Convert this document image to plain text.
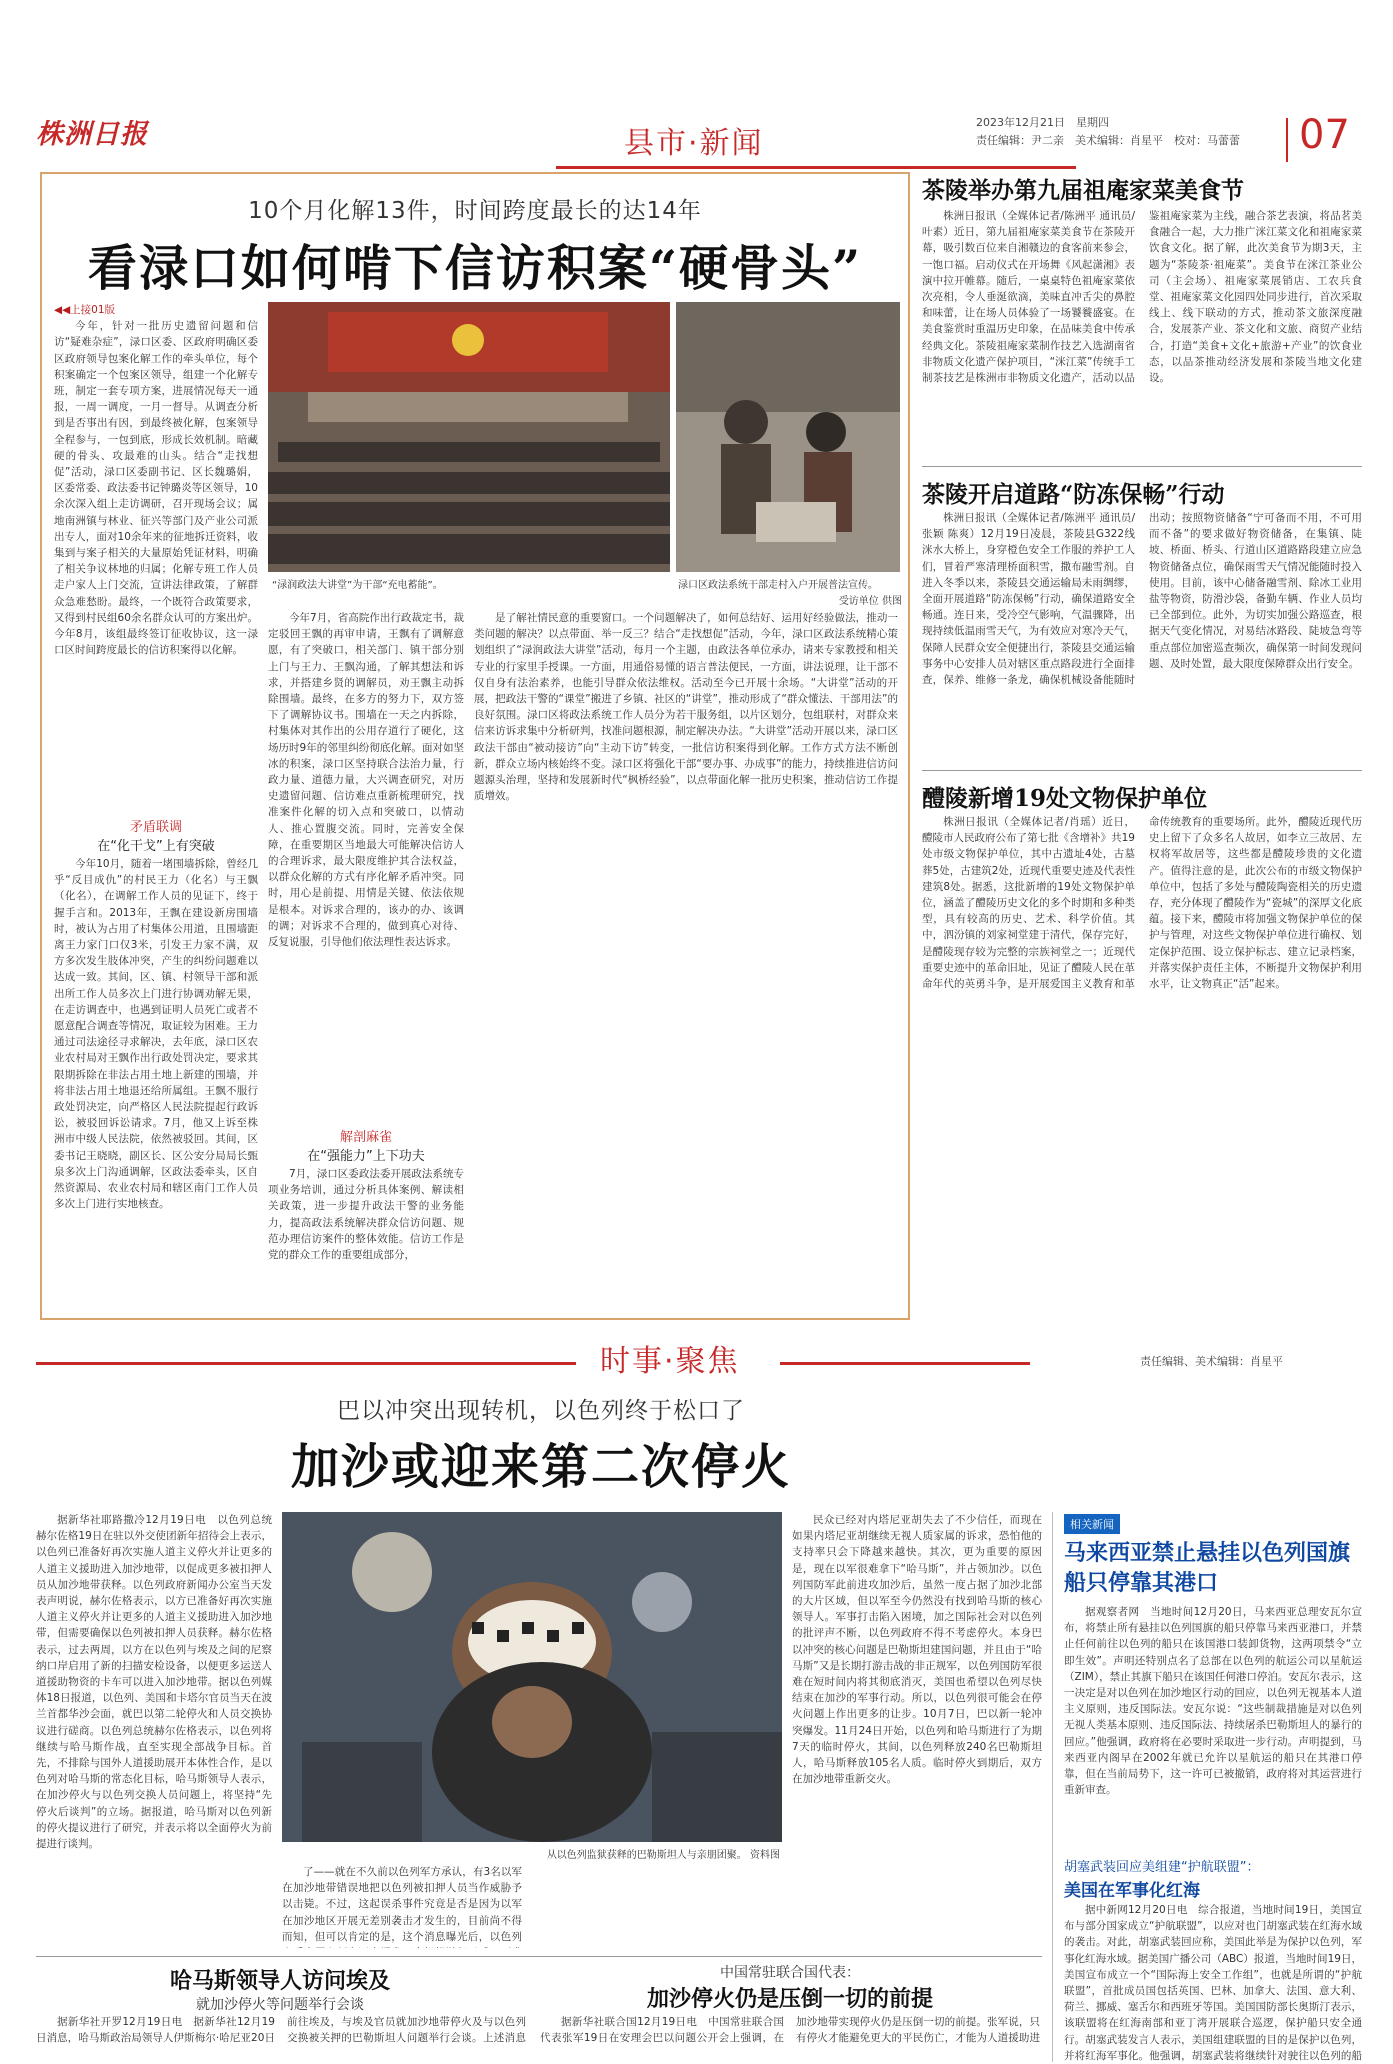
株洲日报	县市·新闻
2023年12月21日　星期四
责任编辑：尹二亲　美术编辑：肖星平　校对：马蕾蕾 07
10个月化解13件，时间跨度最长的达14年
看渌口如何啃下信访积案“硬骨头”
◀◀上接01版

今年，针对一批历史遗留问题和信访“疑难杂症”，渌口区委、区政府明确区委区政府领导包案化解工作的牵头单位，每个积案确定一个包案区领导，组建一个化解专班，制定一套专项方案，进展情况每天一通报，一周一调度，一月一督导。从调查分析到是否事出有因，到最终被化解，包案领导全程参与，一包到底，形成长效机制。暗藏硬的骨头、攻最难的山头。结合“走找想促”活动，渌口区委副书记、区长魏璐娟，区委常委、政法委书记钟璐炎等区领导，10余次深入组上走访调研，召开现场会议；属地南洲镇与林业、征兴等部门及产业公司派出专人，面对10余年来的征地拆迁资料，收集到与案子相关的大量原始凭证材料，明确了相关争议林地的归属；化解专班工作人员走户家人上门交流，宣讲法律政策，了解群众急难愁盼。最终，一个既符合政策要求，又得到村民组60余名群众认可的方案出炉。今年8月，该组最终签订征收协议，这一渌口区时间跨度最长的信访积案得以化解。

矛盾联调
在“化干戈”上有突破

今年10月，随着一堵围墙拆除，曾经几乎“反目成仇”的村民王力（化名）与王飘（化名），在调解工作人员的见证下，终于握手言和。2013年，王飘在建设新房围墙时，被认为占用了村集体公用道，且围墙距离王力家门口仅3米，引发王力家不满，双方多次发生肢体冲突，产生的纠纷问题难以达成一致。其间，区、镇、村领导干部和派出所工作人员多次上门进行协调劝解无果，在走访调查中，也遇到证明人员死亡或者不愿意配合调查等情况，取证较为困难。王力通过司法途径寻求解决，去年底，渌口区农业农村局对王飘作出行政处罚决定，要求其限期拆除在非法占用土地上新建的围墙，并将非法占用土地退还给所属组。王飘不服行政处罚决定，向严格区人民法院提起行政诉讼，被驳回诉讼请求。7月，他又上诉至株洲市中级人民法院，依然被驳回。其间，区委书记王晓晓，副区长、区公安分局局长甄泉多次上门沟通调解，区政法委牵头，区自然资源局、农业农村局和辖区南门工作人员多次上门进行实地核查。

“渌润政法大讲堂”为干部“充电蓄能”。	渌口区政法系统干部走村入户开展普法宣传。
受访单位 供图

今年7月，省高院作出行政裁定书，裁定驳回王飘的再审申请，王飘有了调解意愿，有了突破口，相关部门、镇干部分别上门与王力、王飘沟通，了解其想法和诉求，并搭建乡贤的调解员，劝王飘主动拆除围墙。最终，在多方的努力下，双方签下了调解协议书。围墙在一天之内拆除，村集体对其作出的公用存道行了硬化，这场历时9年的邻里纠纷彻底化解。面对如坚冰的积案，渌口区坚持联合法治力量，行政力量、道德力量，大兴调查研究，对历史遗留问题、信访难点重新梳理研究，找准案件化解的切入点和突破口，以情动人、推心置腹交流。同时，完善安全保障，在重要期区当地最大可能解决信访人的合理诉求，最大限度维护其合法权益，以群众化解的方式有序化解矛盾冲突。同时，用心是前提、用情是关键、依法依规是根本。对诉求合理的，该办的办、该调的调；对诉求不合理的，做到真心对待、反复说服，引导他们依法理性表达诉求。

解剖麻雀
在“强能力”上下功夫

7月，渌口区委政法委开展政法系统专项业务培训，通过分析具体案例、解读相关政策，进一步提升政法干警的业务能力，提高政法系统解决群众信访问题、规范办理信访案件的整体效能。信访工作是党的群众工作的重要组成部分，

是了解社情民意的重要窗口。一个问题解决了，如何总结好、运用好经验做法，推动一类问题的解决？以点带面、举一反三？结合“走找想促”活动，今年，渌口区政法系统精心策划组织了“渌润政法大讲堂”活动，每月一个主题，由政法各单位承办，请来专家教授和相关专业的行家里手授课。一方面，用通俗易懂的语言普法便民，一方面，讲法说理，让干部不仅自身有法治素养，也能引导群众依法维权。活动至今已开展十余场。“大讲堂”活动的开展，把政法干警的“课堂”搬进了乡镇、社区的“讲堂”，推动形成了“群众懂法、干部用法”的良好氛围。渌口区将政法系统工作人员分为若干服务组，以片区划分，包组联村，对群众来信来访诉求集中分析研判，找准问题根源，制定解决办法。“大讲堂”活动开展以来，渌口区政法干部由“被动接访”向“主动下访”转变，一批信访积案得到化解。工作方式方法不断创新，群众立场内核始终不变。渌口区将强化干部“要办事、办成事”的能力，持续推进信访问题源头治理，坚持和发展新时代“枫桥经验”，以点带面化解一批历史积案，推动信访工作提质增效。

茶陵举办第九届祖庵家菜美食节

株洲日报讯（全媒体记者/陈洲平 通讯员/叶素）近日，第九届祖庵家菜美食节在茶陵开幕，吸引数百位来自湘赣边的食客前来参会，一饱口福。启动仪式在开场舞《风起潇湘》表演中拉开帷幕。随后，一桌桌特色祖庵家菜依次亮相，令人垂涎欲滴，美味直冲舌尖的鼻腔和味蕾，让在场人员体验了一场饕餮盛宴。在美食鉴赏时重温历史印象，在品味美食中传承经典文化。茶陵祖庵家菜制作技艺入选湖南省非物质文化遗产保护项目，“洣江菜”传统手工制茶技艺是株洲市非物质文化遗产，活动以品鉴祖庵家菜为主线，融合茶艺表演，将品茗美食融合一起，大力推广洣江菜文化和祖庵家菜饮食文化。据了解，此次美食节为期3天，主题为“茶陵茶·祖庵菜”。美食节在洣江茶业公司（主会场）、祖庵家菜展销店、工农兵食堂、祖庵家菜文化园四处同步进行，首次采取线上、线下联动的方式，推动茶文旅深度融合，发展茶产业、茶文化和文旅、商贸产业结合，打造“美食+文化+旅游+产业”的饮食业态，以品茶推动经济发展和茶陵当地文化建设。

茶陵开启道路“防冻保畅”行动

株洲日报讯（全媒体记者/陈洲平 通讯员/张颖 陈爽）12月19日凌晨，茶陵县G322线洣水大桥上，身穿橙色安全工作服的养护工人们，冒着严寒清理桥面积雪，撒布融雪剂。自进入冬季以来，茶陵县交通运输局未雨绸缪，全面开展道路“防冻保畅”行动，确保道路安全畅通。连日来，受冷空气影响，气温骤降，出现持续低温雨雪天气，为有效应对寒冷天气，保障人民群众安全便捷出行，茶陵县交通运输事务中心安排人员对辖区重点路段进行全面排查，保养、维修一条龙，确保机械设备能随时出动；按照物资储备“宁可备而不用，不可用而不备”的要求做好物资储备，在集镇、陡坡、桥面、桥头、行道山区道路路段建立应急物资储备点位，确保雨雪天气情况能随时投入使用。目前，该中心储备融雪剂、除冰工业用盐等物资，防滑沙袋，备勤车辆、作业人员均已全部到位。此外，为切实加强公路巡查，根据天气变化情况，对易结冰路段、陡坡急弯等重点部位加密巡查频次，确保第一时间发现问题、及时处置，最大限度保障群众出行安全。

醴陵新增19处文物保护单位

株洲日报讯（全媒体记者/肖瑶）近日，醴陵市人民政府公布了第七批《含增补》共19处市级文物保护单位，其中古遗址4处，古墓葬5处，古建筑2处，近现代重要史迹及代表性建筑8处。据悉，这批新增的19处文物保护单位，涵盖了醴陵历史文化的多个时期和多种类型，具有较高的历史、艺术、科学价值。其中，泗汾镇的刘家祠堂建于清代，保存完好，是醴陵现存较为完整的宗族祠堂之一；近现代重要史迹中的革命旧址，见证了醴陵人民在革命年代的英勇斗争，是开展爱国主义教育和革命传统教育的重要场所。此外，醴陵近现代历史上留下了众多名人故居，如李立三故居、左权将军故居等，这些都是醴陵珍贵的文化遗产。值得注意的是，此次公布的市级文物保护单位中，包括了多处与醴陵陶瓷相关的历史遗存，充分体现了醴陵作为“瓷城”的深厚文化底蕴。接下来，醴陵市将加强文物保护单位的保护与管理，对这些文物保护单位进行确权、划定保护范围、设立保护标志、建立记录档案，并落实保护责任主体，不断提升文物保护利用水平，让文物真正“活”起来。

时事·聚焦	责任编辑、美术编辑：肖星平
巴以冲突出现转机，以色列终于松口了
加沙或迎来第二次停火

据新华社耶路撒冷12月19日电　以色列总统赫尔佐格19日在驻以外交使团新年招待会上表示，以色列已准备好再次实施人道主义停火并让更多的人道主义援助进入加沙地带，以促成更多被扣押人员从加沙地带获释。以色列政府新闻办公室当天发表声明说，赫尔佐格表示，以方已准备好再次实施人道主义停火并让更多的人道主义援助进入加沙地带，但需要确保以色列被扣押人员获释。赫尔佐格表示，过去两周，以方在以色列与埃及之间的尼察纳口岸启用了新的扫描安检设备，以便更多运送人道援助物资的卡车可以进入加沙地带。据以色列媒体18日报道，以色列、美国和卡塔尔官员当天在波兰首都华沙会面，就巴以第二轮停火和人员交换协议进行磋商。以色列总统赫尔佐格表示，以色列将继续与哈马斯作战，直至实现全部战争目标。首先，不排除与国外人道援助展开本体性合作，是以色列对哈马斯的常态化目标，哈马斯领导人表示，在加沙停火与以色列交换人员问题上，将坚持“先停火后谈判”的立场。据报道，哈马斯对以色列新的停火提议进行了研究，并表示将以全面停火为前提进行谈判。

从以色列监狱获释的巴勒斯坦人与亲朋团聚。 资料图

了——就在不久前以色列军方承认，有3名以军在加沙地带错误地把以色列被扣押人员当作威胁予以击毙。不过，这起误杀事件究竟是否是因为以军在加沙地区开展无差别袭击才发生的，目前尚不得而知，但可以肯定的是，这个消息曝光后，以色列

民众已经对内塔尼亚胡失去了不少信任，而现在如果内塔尼亚胡继续无视人质家属的诉求，恐怕他的支持率只会下降越来越快。其次，更为重要的原因是，现在以军很难拿下“哈马斯”，并占领加沙。以色列国防军此前进攻加沙后，虽然一度占据了加沙北部的大片区域，但以军至今仍然没有找到哈马斯的核心领导人。军事打击陷入困境，加之国际社会对以色列的批评声不断，以色列政府不得不考虑停火。本身巴以冲突的核心问题是巴勒斯坦建国问题，并且由于“哈马斯”又是长期打游击战的非正规军，以色列国防军很难在短时间内将其彻底消灭，美国也希望以色列尽快结束在加沙的军事行动。所以，以色列很可能会在停火问题上作出更多的让步。10月7日，巴以新一轮冲突爆发。11月24日开始，以色列和哈马斯进行了为期7天的临时停火，其间，以色列释放240名巴勒斯坦人，哈马斯释放105名人质。临时停火到期后，双方在加沙地带重新交火。

哈马斯领导人访问埃及
就加沙停火等问题举行会谈

据新华社开罗12月19日电　据新华社12月19日消息，哈马斯政治局领导人伊斯梅尔·哈尼亚20日前往埃及，与埃及官员就加沙地带停火及与以色列交换被关押的巴勒斯坦人问题举行会谈。上述消息

中国常驻联合国代表：
加沙停火仍是压倒一切的前提

据新华社联合国12月19日电　中国常驻联合国代表张军19日在安理会巴以问题公开会上强调，在加沙地带实现停火仍是压倒一切的前提。张军说，只有停火才能避免更大的平民伤亡，才能为人道援助进

相关新闻
马来西亚禁止悬挂以色列国旗船只停靠其港口

据观察者网　当地时间12月20日，马来西亚总理安瓦尔宣布，将禁止所有悬挂以色列国旗的船只停靠马来西亚港口，并禁止任何前往以色列的船只在该国港口装卸货物，这两项禁令“立即生效”。声明还特别点名了总部在以色列的航运公司以星航运（ZIM），禁止其旗下船只在该国任何港口停泊。安瓦尔表示，这一决定是对以色列在加沙地区行动的回应，以色列无视基本人道主义原则，违反国际法。安瓦尔说：“这些制裁措施是对以色列无视人类基本原则、违反国际法、持续屠杀巴勒斯坦人的暴行的回应。”他强调，政府将在必要时采取进一步行动。声明提到，马来西亚内阁早在2002年就已允许以星航运的船只在其港口停靠，但在当前局势下，这一许可已被撤销，政府将对其运营进行重新审查。

胡塞武装回应美组建“护航联盟”：
美国在军事化红海

据中新网12月20日电　综合报道，当地时间19日，美国宣布与部分国家成立“护航联盟”，以应对也门胡塞武装在红海水域的袭击。对此，胡塞武装回应称，美国此举是为保护以色列，军事化红海水域。据美国广播公司（ABC）报道，当地时间19日，美国宣布成立一个“国际海上安全工作组”，也就是所谓的“护航联盟”，首批成员国包括英国、巴林、加拿大、法国、意大利、荷兰、挪威、塞舌尔和西班牙等国。美国国防部长奥斯汀表示，该联盟将在红海南部和亚丁湾开展联合巡逻，保护船只安全通行。胡塞武装发言人表示，美国组建联盟的目的是保护以色列，并将红海军事化。他强调，胡塞武装将继续针对驶往以色列的船
